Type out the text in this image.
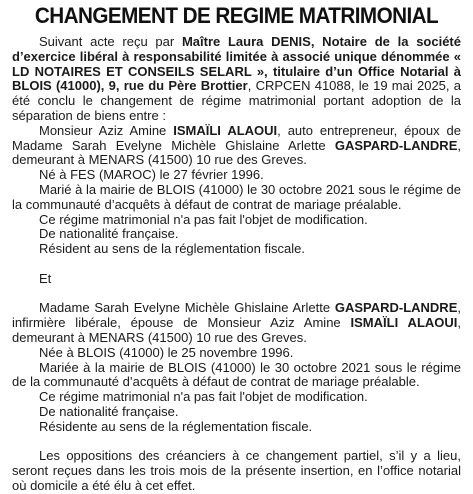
CHANGEMENT DE REGIME MATRIMONIAL

Suivant acte reçu par Maître Laura DENIS, Notaire de la société d’exercice libéral à responsabilité limitée à associé unique dénommée « LD NOTAIRES ET CONSEILS SELARL », titulaire d’un Office Notarial à BLOIS (41000), 9, rue du Père Brottier, CRPCEN 41088, le 19 mai 2025, a été conclu le changement de régime matrimonial portant adoption de la séparation de biens entre :

Monsieur Aziz Amine ISMAÏLI ALAOUI, auto entrepreneur, époux de Madame Sarah Evelyne Michèle Ghislaine Arlette GASPARD-LANDRE, demeurant à MENARS (41500) 10 rue des Greves.

Né à FES (MAROC) le 27 février 1996.

Marié à la mairie de BLOIS (41000) le 30 octobre 2021 sous le régime de la communauté d’acquêts à défaut de contrat de mariage préalable.

Ce régime matrimonial n'a pas fait l'objet de modification.

De nationalité française.

Résident au sens de la réglementation fiscale.

Et

Madame Sarah Evelyne Michèle Ghislaine Arlette GASPARD-LANDRE, infirmière libérale, épouse de Monsieur Aziz Amine ISMAÏLI ALAOUI, demeurant à MENARS (41500) 10 rue des Greves.

Née à BLOIS (41000) le 25 novembre 1996.

Mariée à la mairie de BLOIS (41000) le 30 octobre 2021 sous le régime de la communauté d’acquêts à défaut de contrat de mariage préalable.

Ce régime matrimonial n'a pas fait l'objet de modification.

De nationalité française.

Résidente au sens de la réglementation fiscale.

Les oppositions des créanciers à ce changement partiel, s’il y a lieu, seront reçues dans les trois mois de la présente insertion, en l’office notarial où domicile a été élu à cet effet.
